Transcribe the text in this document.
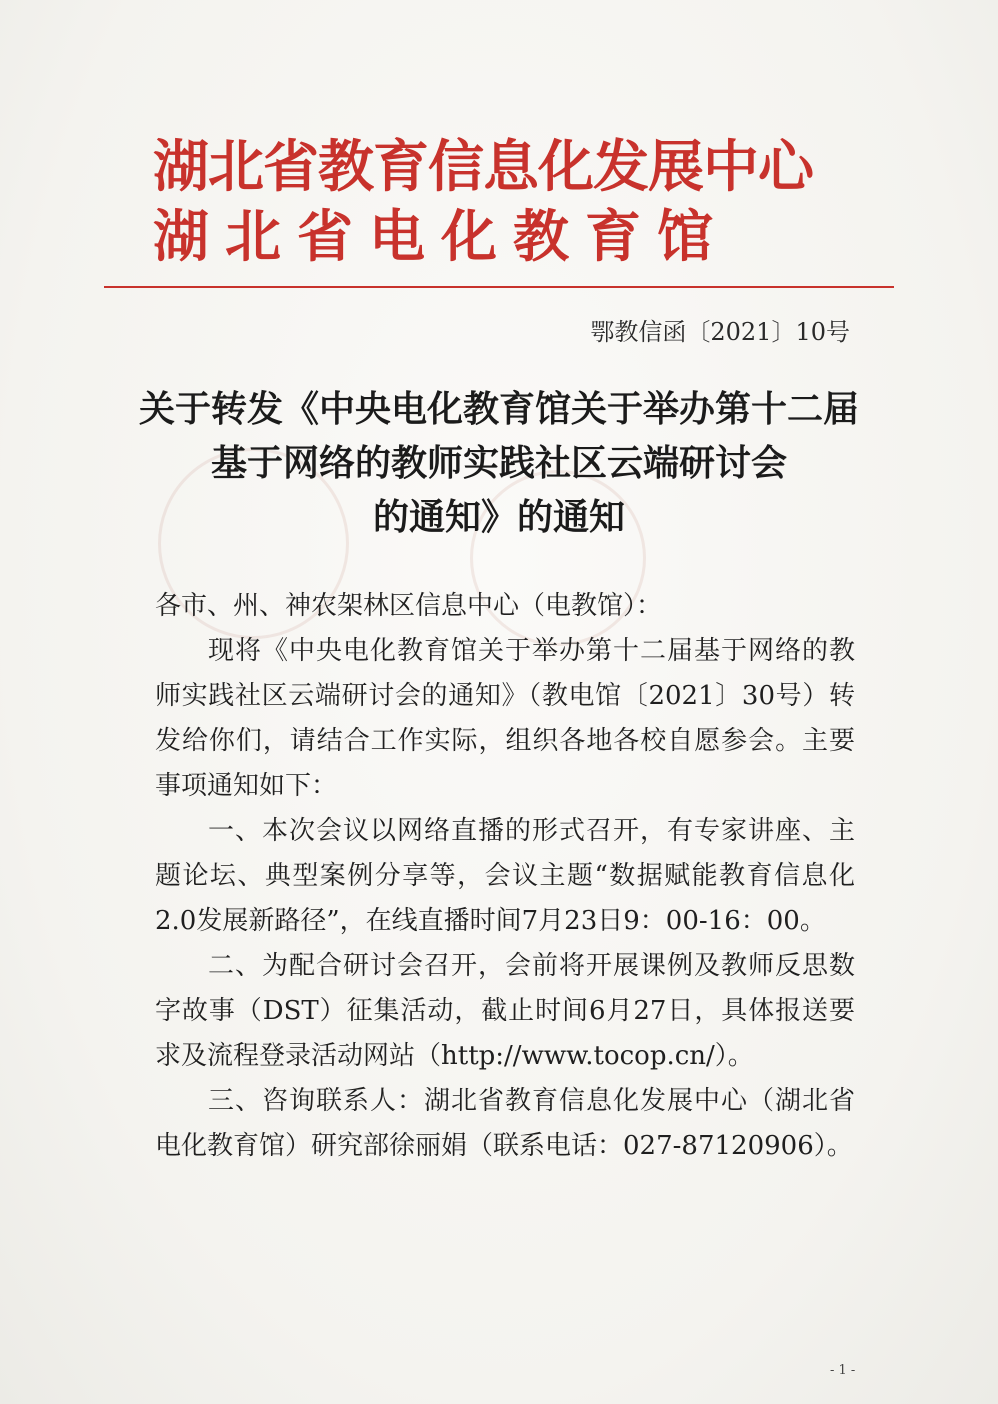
湖北省教育信息化发展中心
湖北省电化教育馆
鄂教信函〔2021〕10号
关于转发《中央电化教育馆关于举办第十二届
基于网络的教师实践社区云端研讨会
的通知》的通知

各市、州、神农架林区信息中心（电教馆）：

现将《中央电化教育馆关于举办第十二届基于网络的教师实践社区云端研讨会的通知》（教电馆〔2021〕30号）转发给你们，请结合工作实际，组织各地各校自愿参会。主要事项通知如下：

一、本次会议以网络直播的形式召开，有专家讲座、主题论坛、典型案例分享等，会议主题“数据赋能教育信息化2.0发展新路径”，在线直播时间7月23日9：00-16：00。

二、为配合研讨会召开，会前将开展课例及教师反思数字故事（DST）征集活动，截止时间6月27日，具体报送要求及流程登录活动网站（http://www.tocop.cn/）。

三、咨询联系人：湖北省教育信息化发展中心（湖北省电化教育馆）研究部徐丽娟（联系电话：027-87120906）。

- 1 -
